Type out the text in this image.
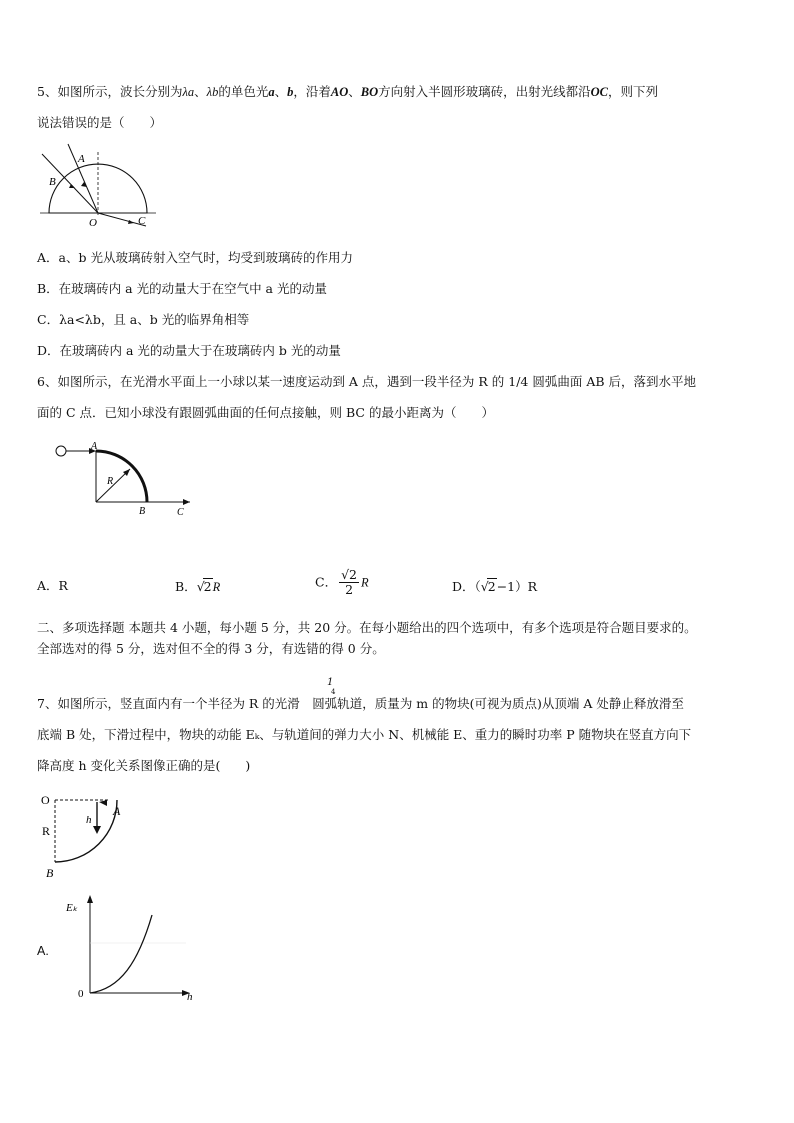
5、如图所示，波长分别为λa、λb的单色光a、b，沿着AO、BO方向射入半圆形玻璃砖，出射光线都沿OC，则下列
说法错误的是（　　）
A
B
O	C
A．a、b 光从玻璃砖射入空气时，均受到玻璃砖的作用力
B．在玻璃砖内 a 光的动量大于在空气中 a 光的动量
C．λa<λb，且 a、b 光的临界角相等
D．在玻璃砖内 a 光的动量大于在玻璃砖内 b 光的动量
6、如图所示，在光滑水平面上一小球以某一速度运动到 A 点，遇到一段半径为 R 的 1/4 圆弧曲面 AB 后，落到水平地
面的 C 点．已知小球没有跟圆弧曲面的任何点接触，则 BC 的最小距离为（　　）
A
R
B	C
A．R	B．√2R	C． $\frac{√2}{2}$ R	D．（√2−1）R
二、多项选择题 本题共 4 小题，每小题 5 分，共 20 分。在每小题给出的四个选项中，有多个选项是符合题目要求的。
全部选对的得 5 分，选对但不全的得 3 分，有选错的得 0 分。
1
4
7、如图所示，竖直面内有一个半径为 R 的光滑　圆弧轨道，质量为 m 的物块(可视为质点)从顶端 A 处静止释放滑至
底端 B 处，下滑过程中，物块的动能 Eₖ、与轨道间的弹力大小 N、机械能 E、重力的瞬时功率 P 随物块在竖直方向下
降高度 h 变化关系图像正确的是(　　)
O
h
A
R
B
A.
Eₖ
h
0
